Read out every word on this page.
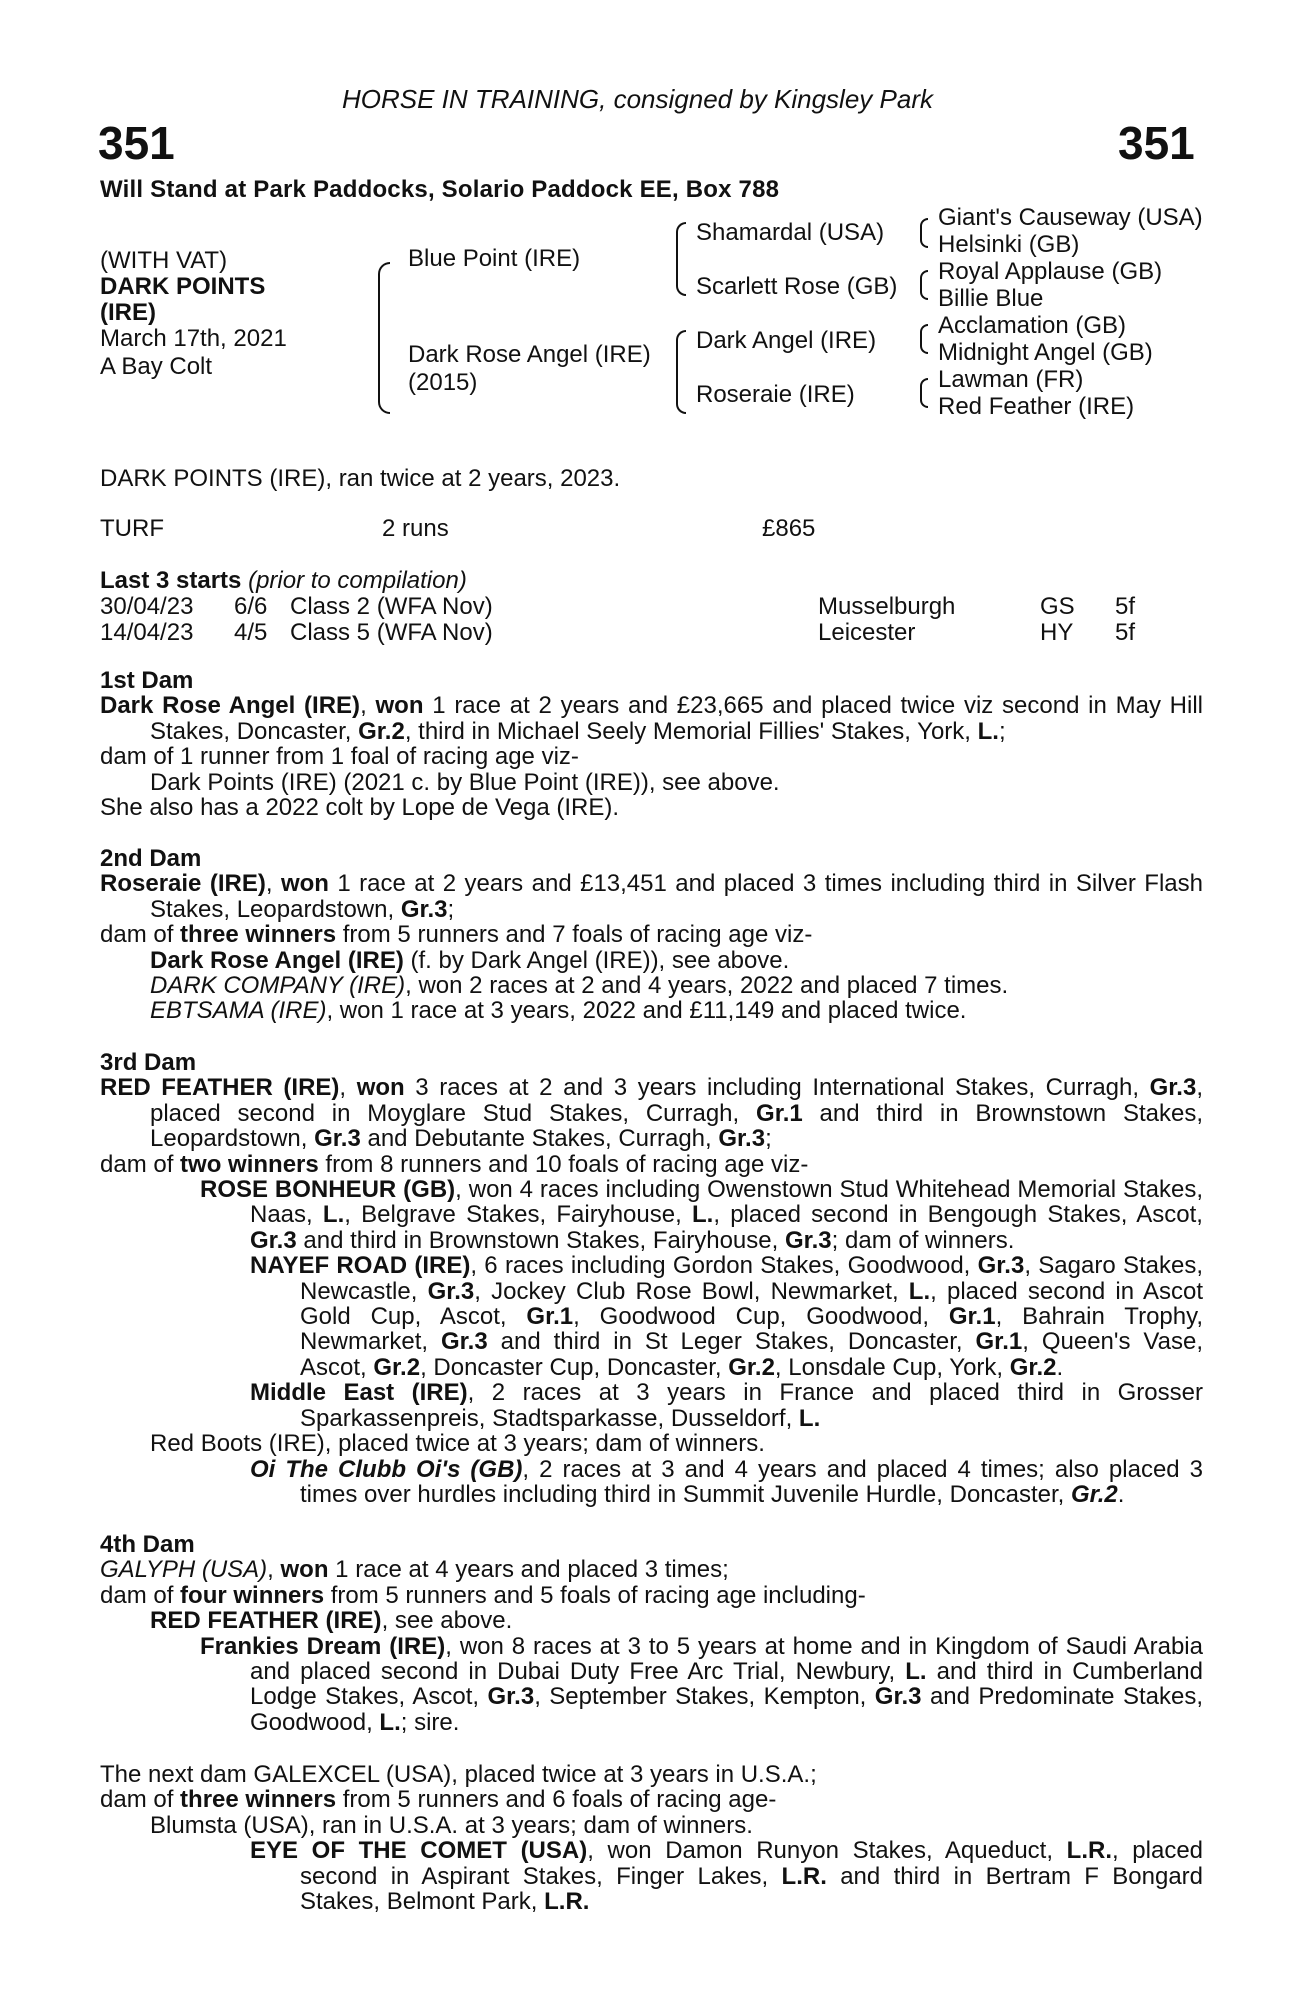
HORSE IN TRAINING, consigned by Kingsley Park
351	351
Will Stand at Park Paddocks, Solario Paddock EE, Box 788
(WITH VAT)
DARK POINTS
(IRE)
March 17th, 2021
A Bay Colt
Blue Point (IRE)
Dark Rose Angel (IRE)
(2015)
Shamardal (USA)
Scarlett Rose (GB)
Dark Angel (IRE)
Roseraie (IRE)
Giant's Causeway (USA)
Helsinki (GB)
Royal Applause (GB)
Billie Blue
Acclamation (GB)
Midnight Angel (GB)
Lawman (FR)
Red Feather (IRE)
DARK POINTS (IRE), ran twice at 2 years, 2023.
TURF	2 runs	£865
Last 3 starts (prior to compilation)
30/04/23 6/6 Class 2 (WFA Nov)	Musselburgh	GS 5f
14/04/23 4/5 Class 5 (WFA Nov)	Leicester	HY 5f

1st Dam

Dark Rose Angel (IRE), won 1 race at 2 years and £23,665 and placed twice viz second in May Hill Stakes, Doncaster, Gr.2, third in Michael Seely Memorial Fillies' Stakes, York, L.;

dam of 1 runner from 1 foal of racing age viz-

Dark Points (IRE) (2021 c. by Blue Point (IRE)), see above.

She also has a 2022 colt by Lope de Vega (IRE).

2nd Dam

Roseraie (IRE), won 1 race at 2 years and £13,451 and placed 3 times including third in Silver Flash Stakes, Leopardstown, Gr.3;

dam of three winners from 5 runners and 7 foals of racing age viz-

Dark Rose Angel (IRE) (f. by Dark Angel (IRE)), see above.

DARK COMPANY (IRE), won 2 races at 2 and 4 years, 2022 and placed 7 times.

EBTSAMA (IRE), won 1 race at 3 years, 2022 and £11,149 and placed twice.

3rd Dam

RED FEATHER (IRE), won 3 races at 2 and 3 years including International Stakes, Curragh, Gr.3, placed second in Moyglare Stud Stakes, Curragh, Gr.1 and third in Brownstown Stakes, Leopardstown, Gr.3 and Debutante Stakes, Curragh, Gr.3;

dam of two winners from 8 runners and 10 foals of racing age viz-

ROSE BONHEUR (GB), won 4 races including Owenstown Stud Whitehead Memorial Stakes, Naas, L., Belgrave Stakes, Fairyhouse, L., placed second in Bengough Stakes, Ascot, Gr.3 and third in Brownstown Stakes, Fairyhouse, Gr.3; dam of winners.

NAYEF ROAD (IRE), 6 races including Gordon Stakes, Goodwood, Gr.3, Sagaro Stakes, Newcastle, Gr.3, Jockey Club Rose Bowl, Newmarket, L., placed second in Ascot Gold Cup, Ascot, Gr.1, Goodwood Cup, Goodwood, Gr.1, Bahrain Trophy, Newmarket, Gr.3 and third in St Leger Stakes, Doncaster, Gr.1, Queen's Vase, Ascot, Gr.2, Doncaster Cup, Doncaster, Gr.2, Lonsdale Cup, York, Gr.2.

Middle East (IRE), 2 races at 3 years in France and placed third in Grosser Sparkassenpreis, Stadtsparkasse, Dusseldorf, L.

Red Boots (IRE), placed twice at 3 years; dam of winners.

Oi The Clubb Oi's (GB), 2 races at 3 and 4 years and placed 4 times; also placed 3 times over hurdles including third in Summit Juvenile Hurdle, Doncaster, Gr.2.

4th Dam

GALYPH (USA), won 1 race at 4 years and placed 3 times;

dam of four winners from 5 runners and 5 foals of racing age including-

RED FEATHER (IRE), see above.

Frankies Dream (IRE), won 8 races at 3 to 5 years at home and in Kingdom of Saudi Arabia and placed second in Dubai Duty Free Arc Trial, Newbury, L. and third in Cumberland Lodge Stakes, Ascot, Gr.3, September Stakes, Kempton, Gr.3 and Predominate Stakes, Goodwood, L.; sire.

The next dam GALEXCEL (USA), placed twice at 3 years in U.S.A.;

dam of three winners from 5 runners and 6 foals of racing age-

Blumsta (USA), ran in U.S.A. at 3 years; dam of winners.

EYE OF THE COMET (USA), won Damon Runyon Stakes, Aqueduct, L.R., placed second in Aspirant Stakes, Finger Lakes, L.R. and third in Bertram F Bongard Stakes, Belmont Park, L.R.
